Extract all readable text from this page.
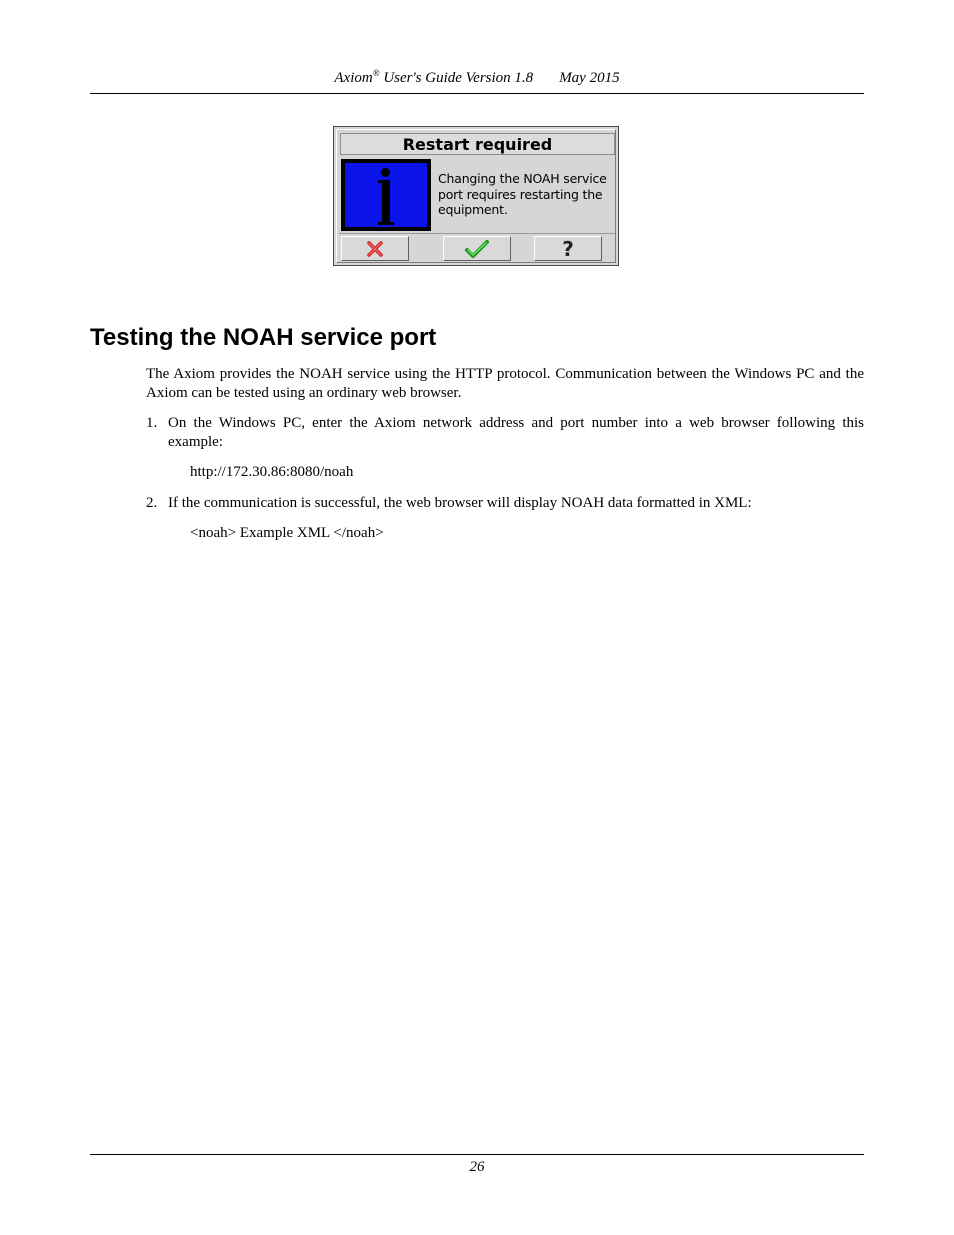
Axiom® User's Guide Version 1.8 May 2015
Restart required
Changing the NOAH service port requires restarting the equipment.
?
Testing the NOAH service port
The Axiom provides the NOAH service using the HTTP protocol. Communication between the Windows PC and the Axiom can be tested using an ordinary web browser.
1. On the Windows PC, enter the Axiom network address and port number into a web browser following this example:
http://172.30.86:8080/noah
2. If the communication is successful, the web browser will display NOAH data formatted in XML:
<noah> Example XML </noah>
26
